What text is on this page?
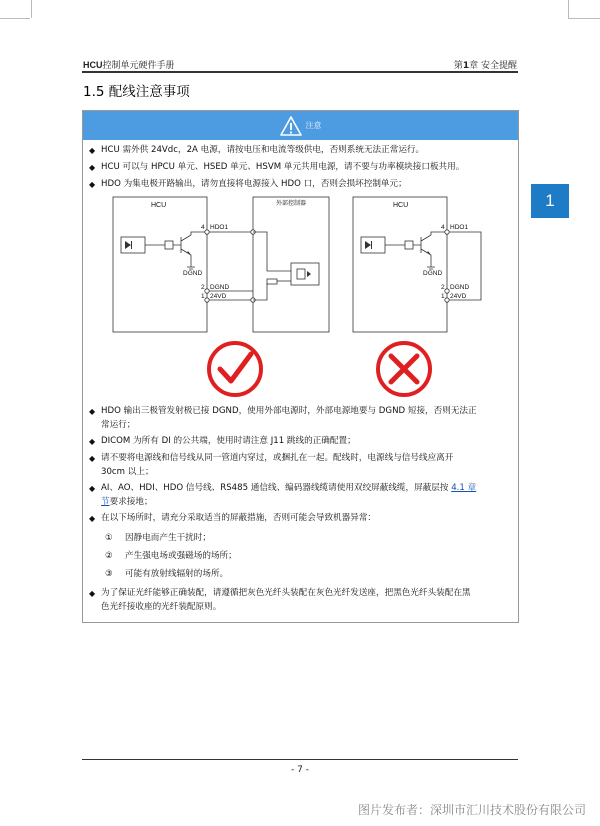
HCU控制单元硬件手册	第1章 安全提醒
1.5 配线注意事项
1
注意
◆ HCU 需外供 24Vdc，2A 电源，请按电压和电流等级供电，否则系统无法正常运行。
◆ HCU 可以与 HPCU 单元、HSED 单元、HSVM 单元共用电源，请不要与功率模块接口板共用。
◆ HDO 为集电极开路输出，请勿直接将电源接入 HDO 口，否则会损坏控制单元；
HCU	外部控制器	HCU
4 HDO1
DGND
2 DGND
1 24VD
4 HDO1
DGND
2 DGND
1 24VD
◆ HDO 输出三极管发射极已接 DGND，使用外部电源时，外部电源地要与 DGND 短接，否则无法正
常运行；
◆ DICOM 为所有 DI 的公共端，使用时请注意 J11 跳线的正确配置；
◆ 请不要将电源线和信号线从同一管道内穿过，或捆扎在一起。配线时，电源线与信号线应离开
30cm 以上；
◆ AI、AO、HDI、HDO 信号线、RS485 通信线、编码器线缆请使用双绞屏蔽线缆，屏蔽层按 4.1 章
节要求接地；
◆ 在以下场所时，请充分采取适当的屏蔽措施，否则可能会导致机器异常：
① 因静电而产生干扰时；
② 产生强电场或强磁场的场所；
③ 可能有放射线辐射的场所。
◆ 为了保证光纤能够正确装配，请遵循把灰色光纤头装配在灰色光纤发送座，把黑色光纤头装配在黑
色光纤接收座的光纤装配原则。
- 7 -
图片发布者：深圳市汇川技术股份有限公司
